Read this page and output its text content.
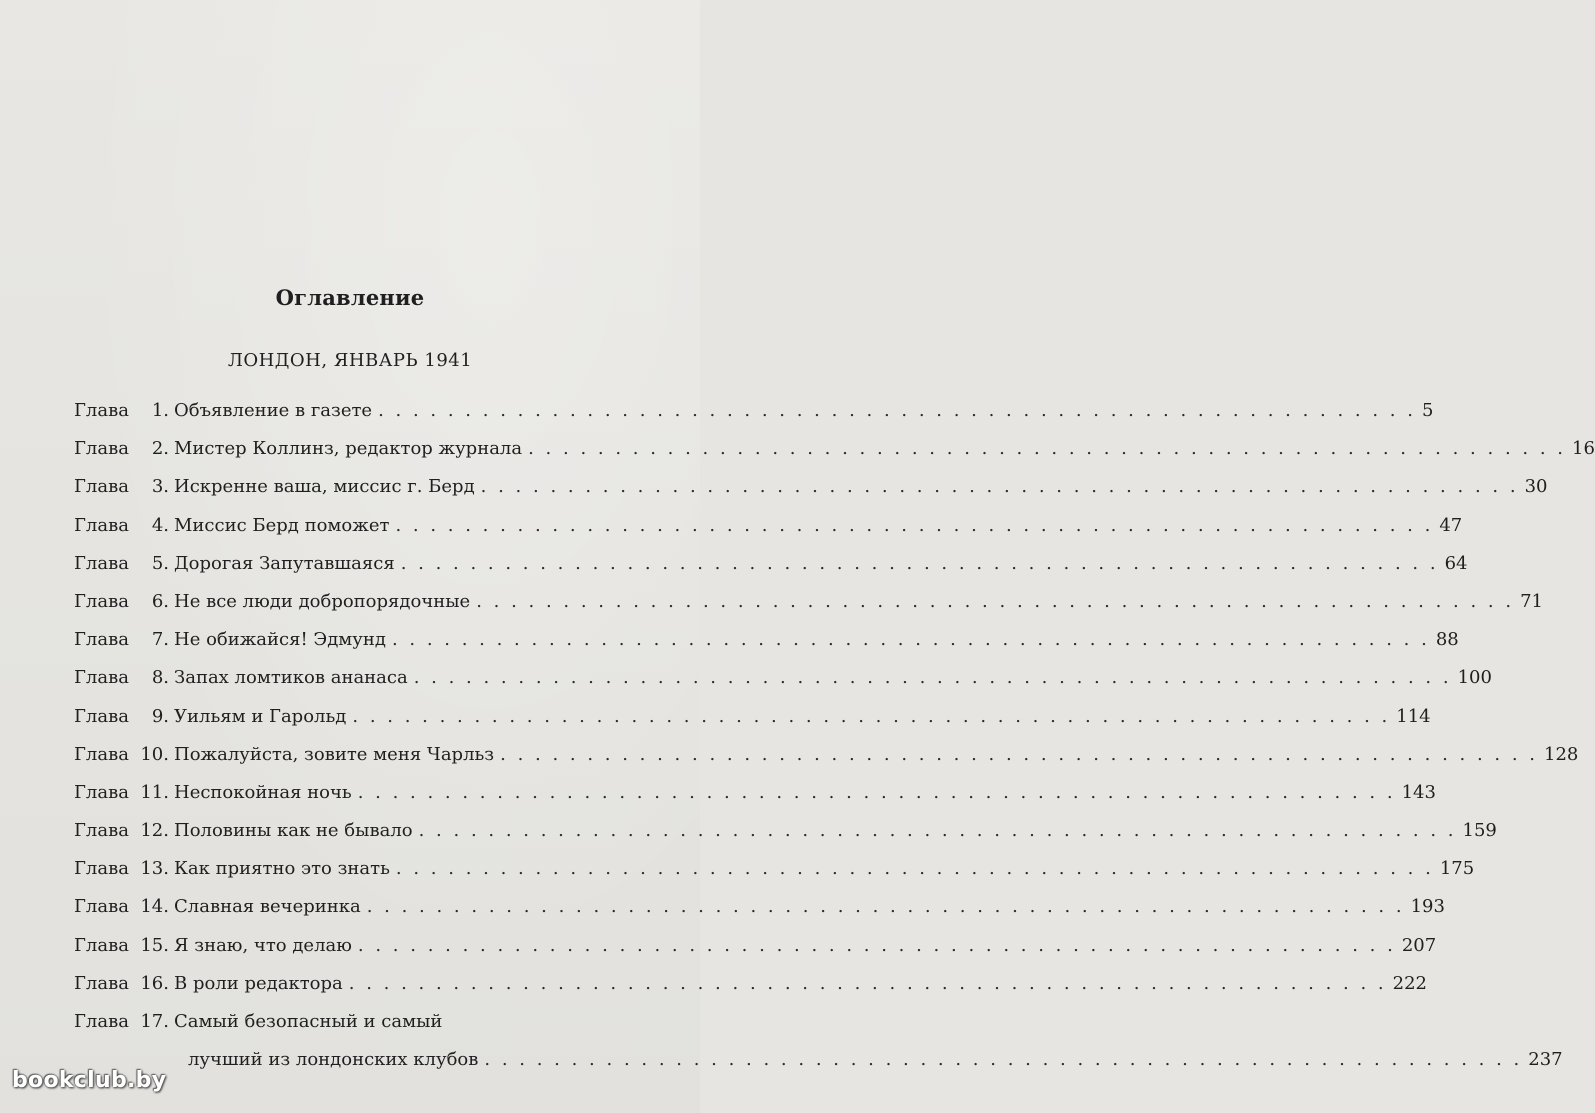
Оглавление
ЛОНДОН, ЯНВАРЬ 1941
Глава	1. Объявление в газете . . .	5
Глава	2. Мистер Коллинз, редактор журнала . . .	16
Глава	3. Искренне ваша, миссис г. Берд . . .	30
Глава	4. Миссис Берд поможет . . .	47
Глава	5. Дорогая Запутавшаяся . . .	64
Глава	6. Не все люди добропорядочные . . .	71
Глава	7. Не обижайся! Эдмунд . . .	88
Глава	8. Запах ломтиков ананаса . . .	100
Глава	9. Уильям и Гарольд . . .	114
Глава 10. Пожалуйста, зовите меня Чарльз . . .	128
Глава 11. Неспокойная ночь . . .	143
Глава 12. Половины как не бывало . . .	159
Глава 13. Как приятно это знать . . .	175
Глава 14. Славная вечеринка . . .	193
Глава 15. Я знаю, что делаю . . .	207
Глава 16. В роли редактора . . .	222
Глава 17. Самый безопасный и самый
лучший из лондонских клубов . . .	237
bookclub.by
